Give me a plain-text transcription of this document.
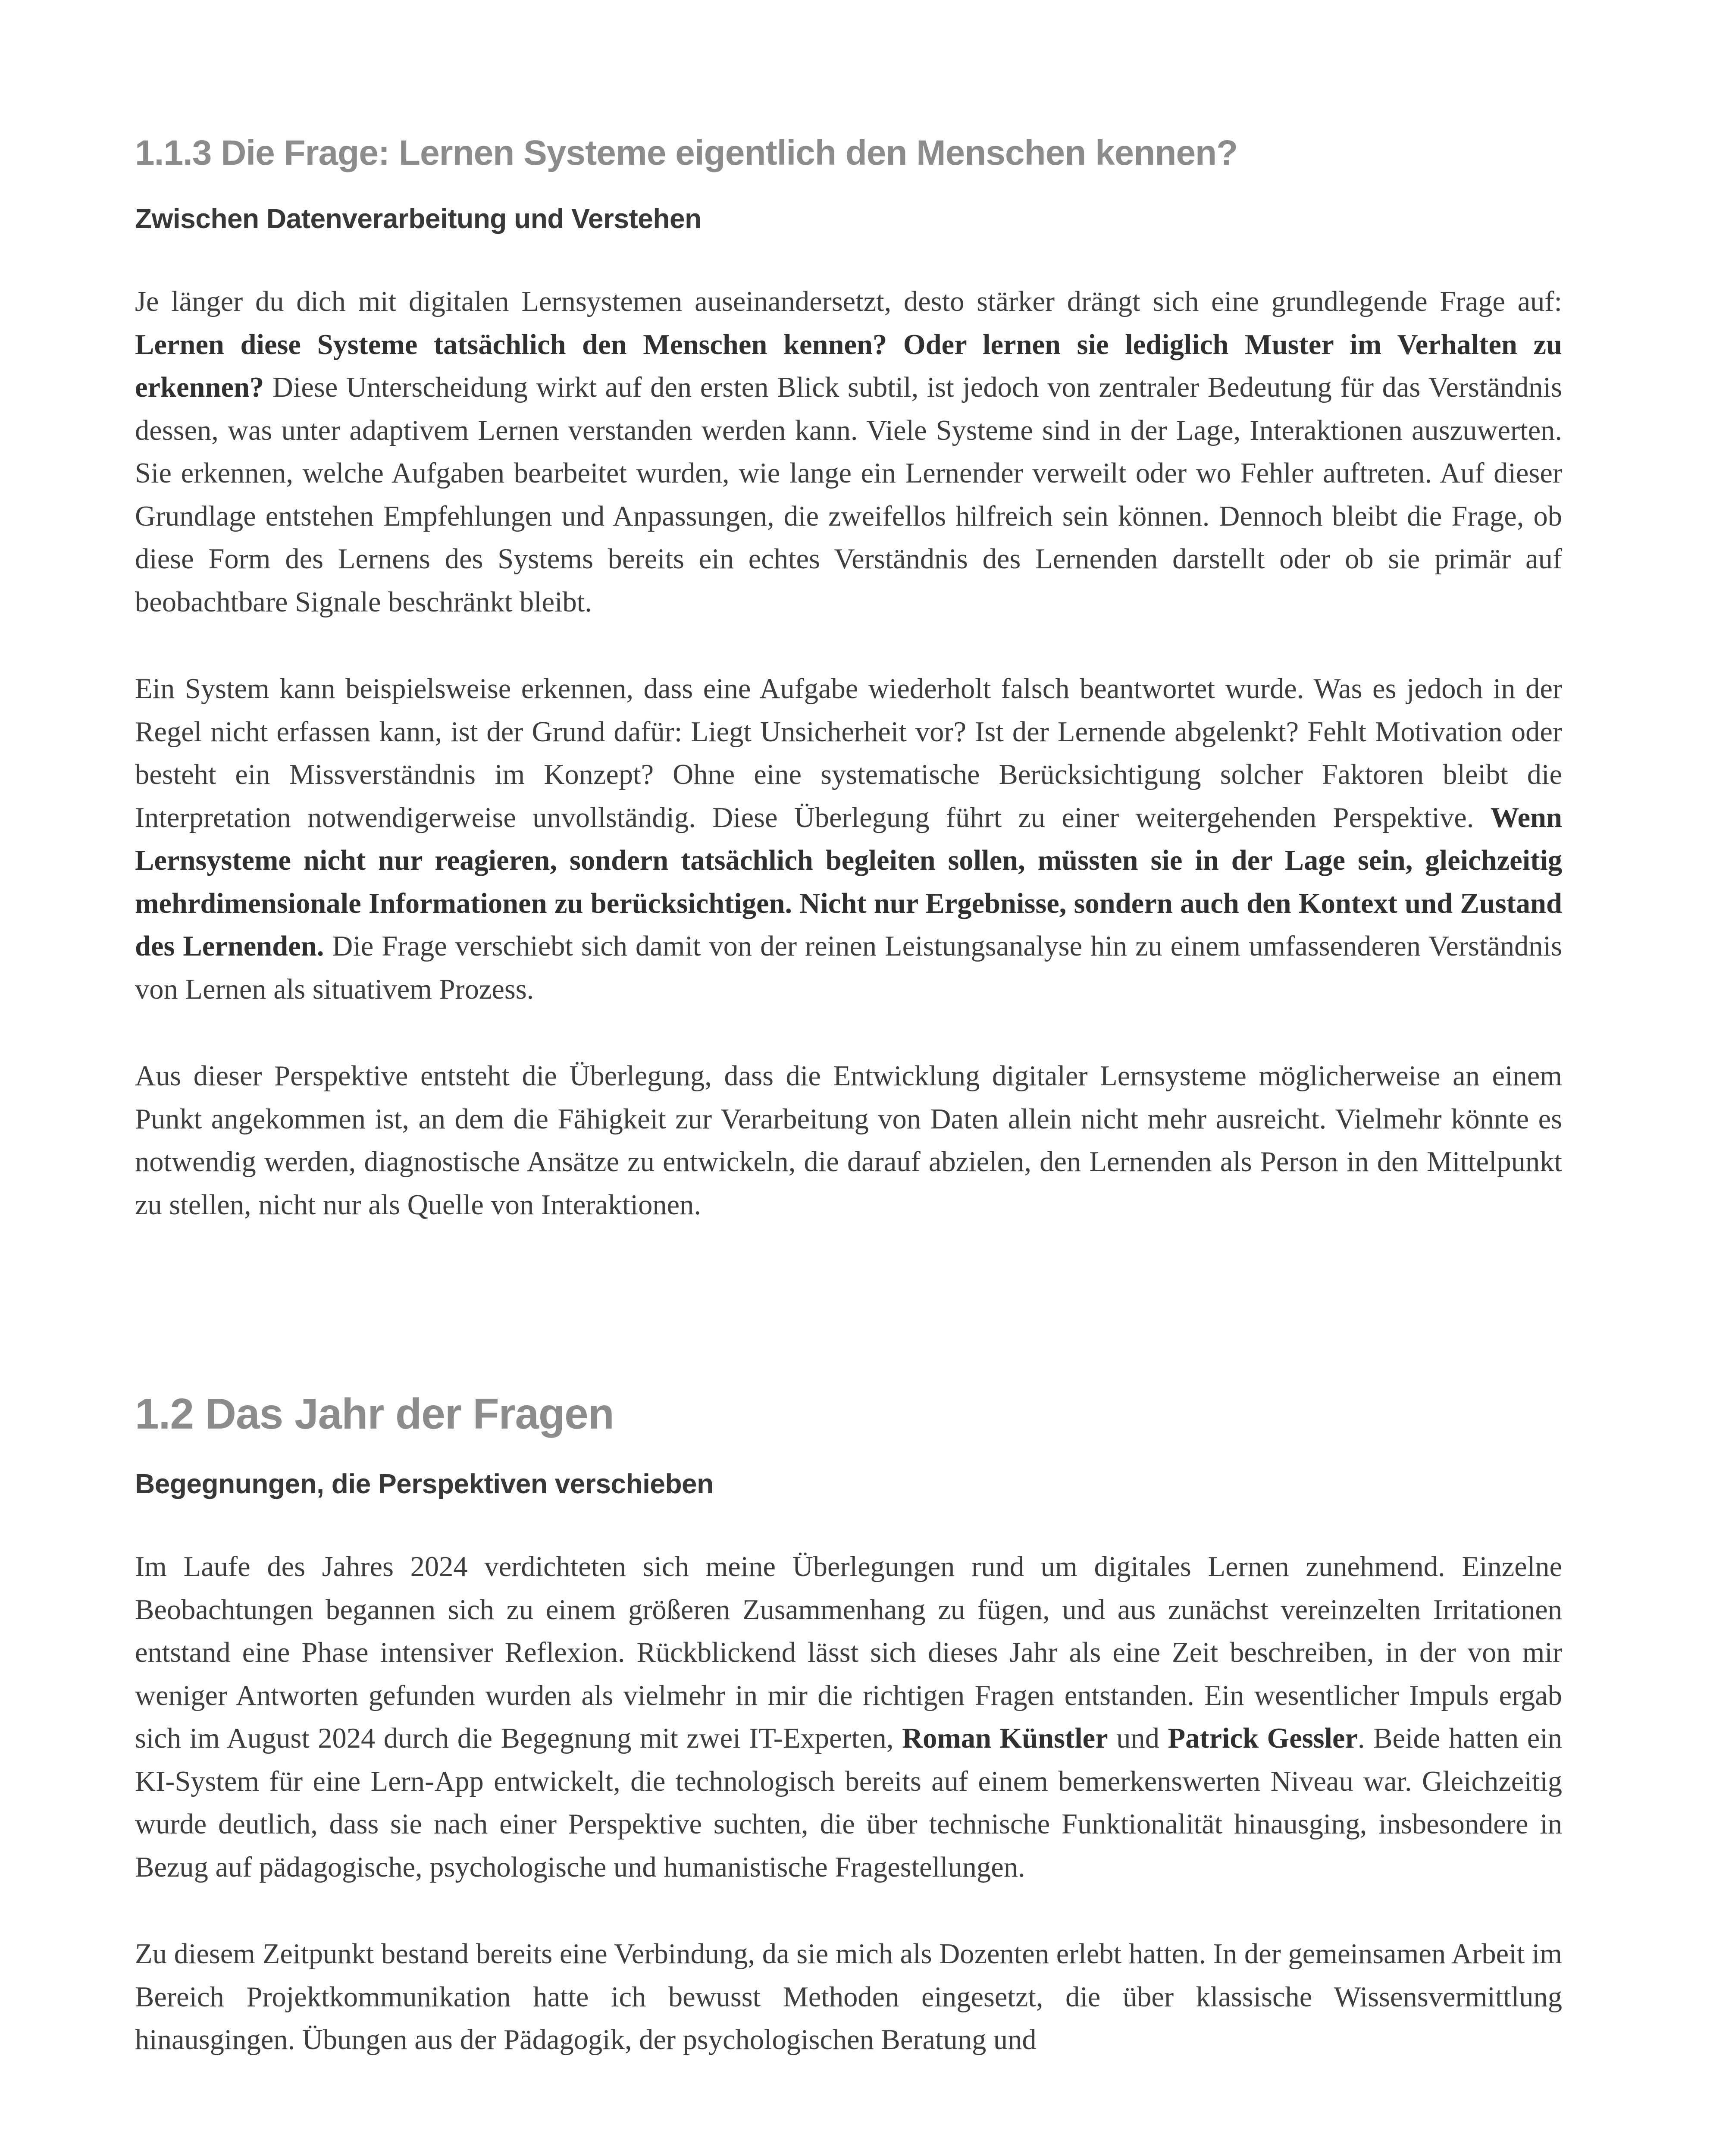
1.1.3 Die Frage: Lernen Systeme eigentlich den Menschen kennen?
Zwischen Datenverarbeitung und Verstehen

Je länger du dich mit digitalen Lernsystemen auseinandersetzt, desto stärker drängt sich eine grundlegende Frage auf: Lernen diese Systeme tatsächlich den Menschen kennen? Oder lernen sie lediglich Muster im Verhalten zu erkennen? Diese Unterscheidung wirkt auf den ersten Blick subtil, ist jedoch von zentraler Bedeutung für das Verständnis dessen, was unter adaptivem Lernen verstanden werden kann. Viele Systeme sind in der Lage, Interaktionen auszuwerten. Sie erkennen, welche Aufgaben bearbeitet wurden, wie lange ein Lernender verweilt oder wo Fehler auftreten. Auf dieser Grundlage entstehen Empfehlungen und Anpassungen, die zweifellos hilfreich sein können. Dennoch bleibt die Frage, ob diese Form des Lernens des Systems bereits ein echtes Verständnis des Lernenden darstellt oder ob sie primär auf beobachtbare Signale beschränkt bleibt.

Ein System kann beispielsweise erkennen, dass eine Aufgabe wiederholt falsch beantwortet wurde. Was es jedoch in der Regel nicht erfassen kann, ist der Grund dafür: Liegt Unsicherheit vor? Ist der Lernende abgelenkt? Fehlt Motivation oder besteht ein Missverständnis im Konzept? Ohne eine systematische Berücksichtigung solcher Faktoren bleibt die Interpretation notwendigerweise unvollständig. Diese Überlegung führt zu einer weitergehenden Perspektive. Wenn Lernsysteme nicht nur reagieren, sondern tatsächlich begleiten sollen, müssten sie in der Lage sein, gleichzeitig mehrdimensionale Informationen zu berücksichtigen. Nicht nur Ergebnisse, sondern auch den Kontext und Zustand des Lernenden. Die Frage verschiebt sich damit von der reinen Leistungsanalyse hin zu einem umfassenderen Verständnis von Lernen als situativem Prozess.

Aus dieser Perspektive entsteht die Überlegung, dass die Entwicklung digitaler Lernsysteme möglicherweise an einem Punkt angekommen ist, an dem die Fähigkeit zur Verarbeitung von Daten allein nicht mehr ausreicht. Vielmehr könnte es notwendig werden, diagnostische Ansätze zu entwickeln, die darauf abzielen, den Lernenden als Person in den Mittelpunkt zu stellen, nicht nur als Quelle von Interaktionen.

1.2 Das Jahr der Fragen
Begegnungen, die Perspektiven verschieben

Im Laufe des Jahres 2024 verdichteten sich meine Überlegungen rund um digitales Lernen zunehmend. Einzelne Beobachtungen begannen sich zu einem größeren Zusammenhang zu fügen, und aus zunächst vereinzelten Irritationen entstand eine Phase intensiver Reflexion. Rückblickend lässt sich dieses Jahr als eine Zeit beschreiben, in der von mir weniger Antworten gefunden wurden als vielmehr in mir die richtigen Fragen entstanden. Ein wesentlicher Impuls ergab sich im August 2024 durch die Begegnung mit zwei IT-Experten, Roman Künstler und Patrick Gessler. Beide hatten ein KI-System für eine Lern-App entwickelt, die technologisch bereits auf einem bemerkenswerten Niveau war. Gleichzeitig wurde deutlich, dass sie nach einer Perspektive suchten, die über technische Funktionalität hinausging, insbesondere in Bezug auf pädagogische, psychologische und humanistische Fragestellungen.

Zu diesem Zeitpunkt bestand bereits eine Verbindung, da sie mich als Dozenten erlebt hatten. In der gemeinsamen Arbeit im Bereich Projektkommunikation hatte ich bewusst Methoden eingesetzt, die über klassische Wissensvermittlung hinausgingen. Übungen aus der Pädagogik, der psychologischen Beratung und
